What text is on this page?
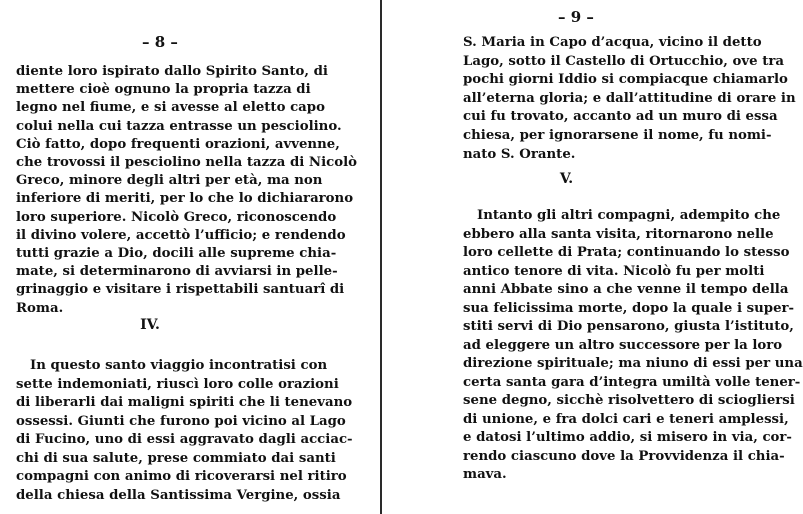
– 8 –
diente loro ispirato dallo Spirito Santo, di
mettere cioè ognuno la propria tazza di
legno nel fiume, e si avesse al eletto capo
colui nella cui tazza entrasse un pesciolino.
Ciò fatto, dopo frequenti orazioni, avvenne,
che trovossi il pesciolino nella tazza di Nicolò
Greco, minore degli altri per età, ma non
inferiore di meriti, per lo che lo dichiararono
loro superiore. Nicolò Greco, riconoscendo
il divino volere, accettò l’ufficio; e rendendo
tutti grazie a Dio, docili alle supreme chia-
mate, si determinarono di avviarsi in pelle-
grinaggio e visitare i rispettabili santuarî di
Roma.
IV.
In questo santo viaggio incontratisi con
sette indemoniati, riuscì loro colle orazioni
di liberarli dai maligni spiriti che li tenevano
ossessi. Giunti che furono poi vicino al Lago
di Fucino, uno di essi aggravato dagli acciac-
chi di sua salute, prese commiato dai santi
compagni con animo di ricoverarsi nel ritiro
della chiesa della Santissima Vergine, ossia
– 9 –
S. Maria in Capo d’acqua, vicino il detto
Lago, sotto il Castello di Ortucchio, ove tra
pochi giorni Iddio si compiacque chiamarlo
all’eterna gloria; e dall’attitudine di orare in
cui fu trovato, accanto ad un muro di essa
chiesa, per ignorarsene il nome, fu nomi-
nato S. Orante.
V.
Intanto gli altri compagni, adempito che
ebbero alla santa visita, ritornarono nelle
loro cellette di Prata; continuando lo stesso
antico tenore di vita. Nicolò fu per molti
anni Abbate sino a che venne il tempo della
sua felicissima morte, dopo la quale i super-
stiti servi di Dio pensarono, giusta l’istituto,
ad eleggere un altro successore per la loro
direzione spirituale; ma niuno di essi per una
certa santa gara d’integra umiltà volle tener-
sene degno, sicchè risolvettero di sciogliersi
di unione, e fra dolci cari e teneri amplessi,
e datosi l’ultimo addio, si misero in via, cor-
rendo ciascuno dove la Provvidenza il chia-
mava.
